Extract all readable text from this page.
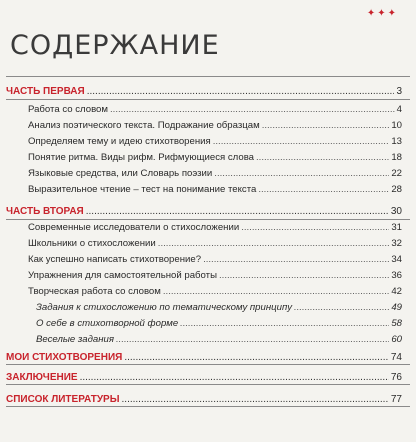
✦✦✦
СОДЕРЖАНИЕ
ЧАСТЬ ПЕРВАЯ .....	3
Работа со словом .....	4
Анализ поэтического текста. Подражание образцам .....	10
Определяем тему и идею стихотворения .....	13
Понятие ритма. Виды рифм. Рифмующиеся слова .....	18
Языковые средства, или Словарь поэзии .....	22
Выразительное чтение – тест на понимание текста .....	28
ЧАСТЬ ВТОРАЯ .....	30
Современные исследователи о стихосложении .....	31
Школьники о стихосложении .....	32
Как успешно написать стихотворение? .....	34
Упражнения для самостоятельной работы .....	36
Творческая работа со словом .....	42
Задания к стихосложению по тематическому принципу .....	49
О себе в стихотворной форме .....	58
Веселые задания .....	60
МОИ СТИХОТВОРЕНИЯ .....	74
ЗАКЛЮЧЕНИЕ .....	76
СПИСОК ЛИТЕРАТУРЫ .....	77
